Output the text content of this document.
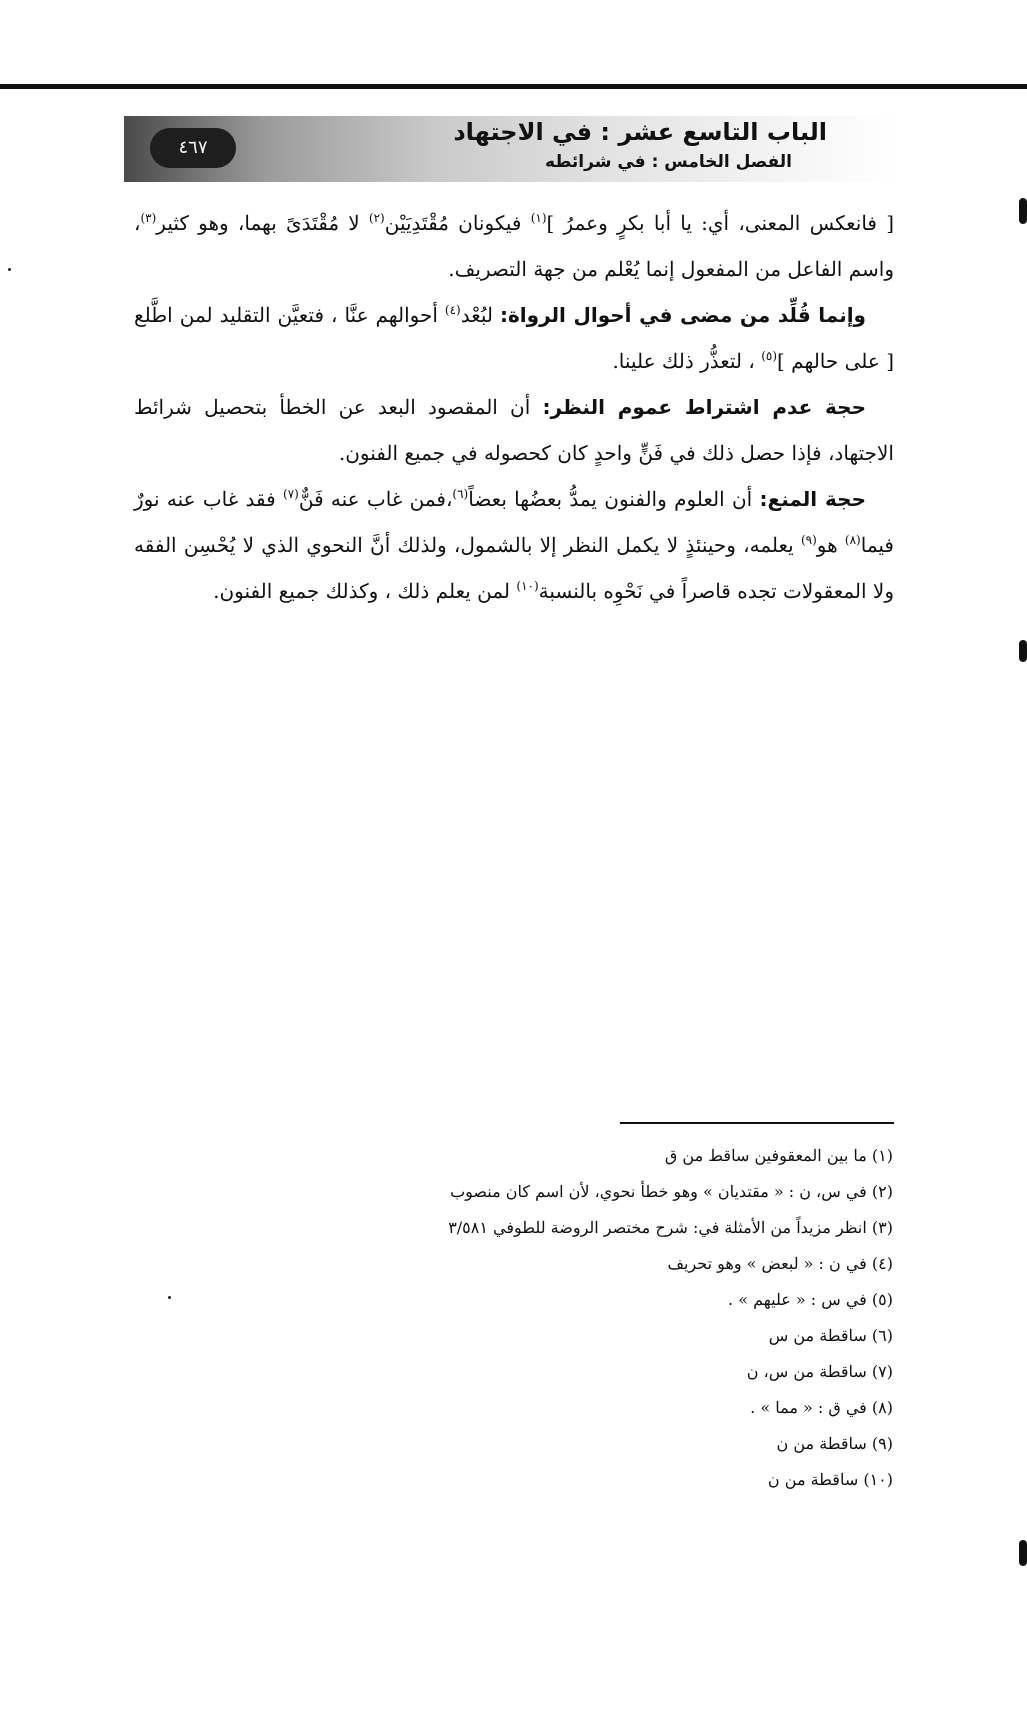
٤٦٧
الباب التاسع عشر : في الاجتهاد
الفصل الخامس : في شرائطه

[ فانعكس المعنى، أي: يا أبا بكرٍ وعمرُ ]$^{(١)}$ فيكونان مُقْتَدِيَيْن$^{(٢)}$ لا مُقْتَدَىً بهما، وهو كثير$^{(٣)}$، واسم الفاعل من المفعول إنما يُعْلم من جهة التصريف.

وإنما قُلِّد من مضى في أحوال الرواة: لبُعْد$^{(٤)}$ أحوالهم عنَّا ، فتعيَّن التقليد لمن اطَّلع [ على حالهم ]$^{(٥)}$ ، لتعذُّر ذلك علينا.

حجة عدم اشتراط عموم النظر: أن المقصود البعد عن الخطأ بتحصيل شرائط الاجتهاد، فإذا حصل ذلك في فَنٍّ واحدٍ كان كحصوله في جميع الفنون.

حجة المنع: أن العلوم والفنون يمدُّ بعضُها بعضاً$^{(٦)}$،فمن غاب عنه فَنٌّ$^{(٧)}$ فقد غاب عنه نورٌ فيما$^{(٨)}$ هو$^{(٩)}$ يعلمه، وحينئذٍ لا يكمل النظر إلا بالشمول، ولذلك أنَّ النحوي الذي لا يُحْسِن الفقه ولا المعقولات تجده قاصراً في نَحْوِه بالنسبة$^{(١٠)}$ لمن يعلم ذلك ، وكذلك جميع الفنون.

(١) ما بين المعقوفين ساقط من ق
(٢) في س، ن : « مقتديان » وهو خطأ نحوي، لأن اسم كان منصوب
(٣) انظر مزيداً من الأمثلة في: شرح مختصر الروضة للطوفي ٣/٥٨١
(٤) في ن : « لبعض » وهو تحريف
(٥) في س : « عليهم » .
(٦) ساقطة من س
(٧) ساقطة من س، ن
(٨) في ق : « مما » .
(٩) ساقطة من ن
(١٠) ساقطة من ن
